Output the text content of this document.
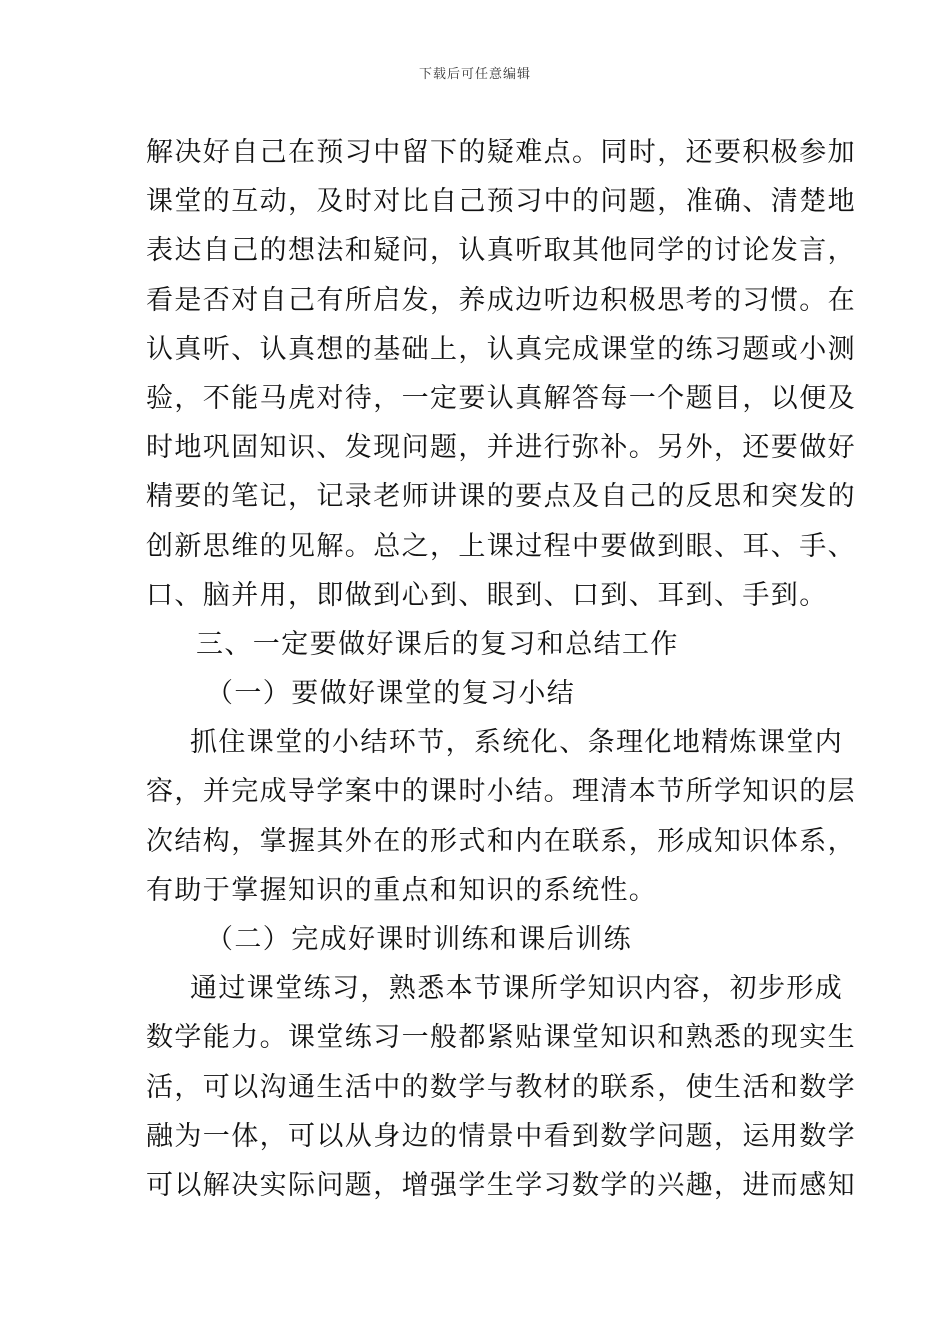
下载后可任意编辑
解决好自己在预习中留下的疑难点。同时，还要积极参加
课堂的互动，及时对比自己预习中的问题，准确、清楚地
表达自己的想法和疑问，认真听取其他同学的讨论发言，
看是否对自己有所启发，养成边听边积极思考的习惯。在
认真听、认真想的基础上，认真完成课堂的练习题或小测
验，不能马虎对待，一定要认真解答每一个题目，以便及
时地巩固知识、发现问题，并进行弥补。另外，还要做好
精要的笔记，记录老师讲课的要点及自己的反思和突发的
创新思维的见解。总之，上课过程中要做到眼、耳、手、
口、脑并用，即做到心到、眼到、口到、耳到、手到。
三、一定要做好课后的复习和总结工作
（一）要做好课堂的复习小结
抓住课堂的小结环节，系统化、条理化地精炼课堂内
容，并完成导学案中的课时小结。理清本节所学知识的层
次结构，掌握其外在的形式和内在联系，形成知识体系，
有助于掌握知识的重点和知识的系统性。
（二）完成好课时训练和课后训练
通过课堂练习，熟悉本节课所学知识内容，初步形成
数学能力。课堂练习一般都紧贴课堂知识和熟悉的现实生
活，可以沟通生活中的数学与教材的联系，使生活和数学
融为一体，可以从身边的情景中看到数学问题，运用数学
可以解决实际问题，增强学生学习数学的兴趣，进而感知
